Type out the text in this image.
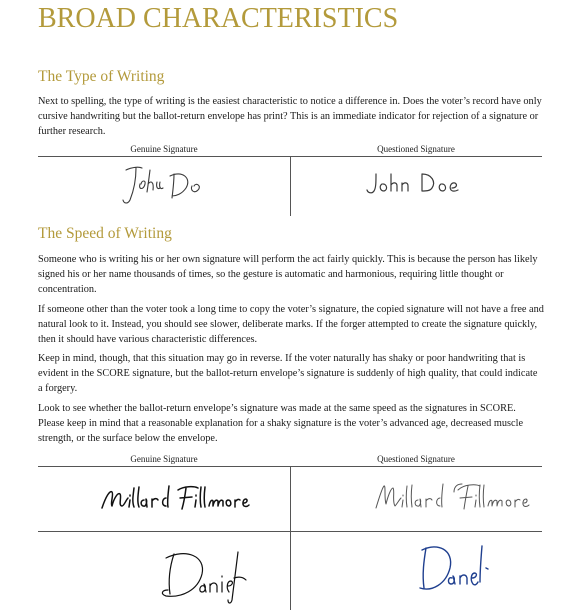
BROAD CHARACTERISTICS
The Type of Writing

Next to spelling, the type of writing is the easiest characteristic to notice a difference in. Does the voter’s record have only cursive handwriting but the ballot-return envelope has print? This is an immediate indicator for rejection of a signature or further research.

Genuine Signature	Questioned Signature
The Speed of Writing

Someone who is writing his or her own signature will perform the act fairly quickly. This is because the person has likely signed his or her name thousands of times, so the gesture is automatic and harmonious, requiring little thought or concentration.

If someone other than the voter took a long time to copy the voter’s signature, the copied signature will not have a free and natural look to it. Instead, you should see slower, deliberate marks. If the forger attempted to create the signature quickly, then it should have various characteristic differences.

Keep in mind, though, that this situation may go in reverse. If the voter naturally has shaky or poor handwriting that is evident in the SCORE signature, but the ballot-return envelope’s signature is suddenly of high quality, that could indicate a forgery.

Look to see whether the ballot-return envelope’s signature was made at the same speed as the signatures in SCORE. Please keep in mind that a reasonable explanation for a shaky signature is the voter’s advanced age, decreased muscle strength, or the surface below the envelope.

Genuine Signature	Questioned Signature
